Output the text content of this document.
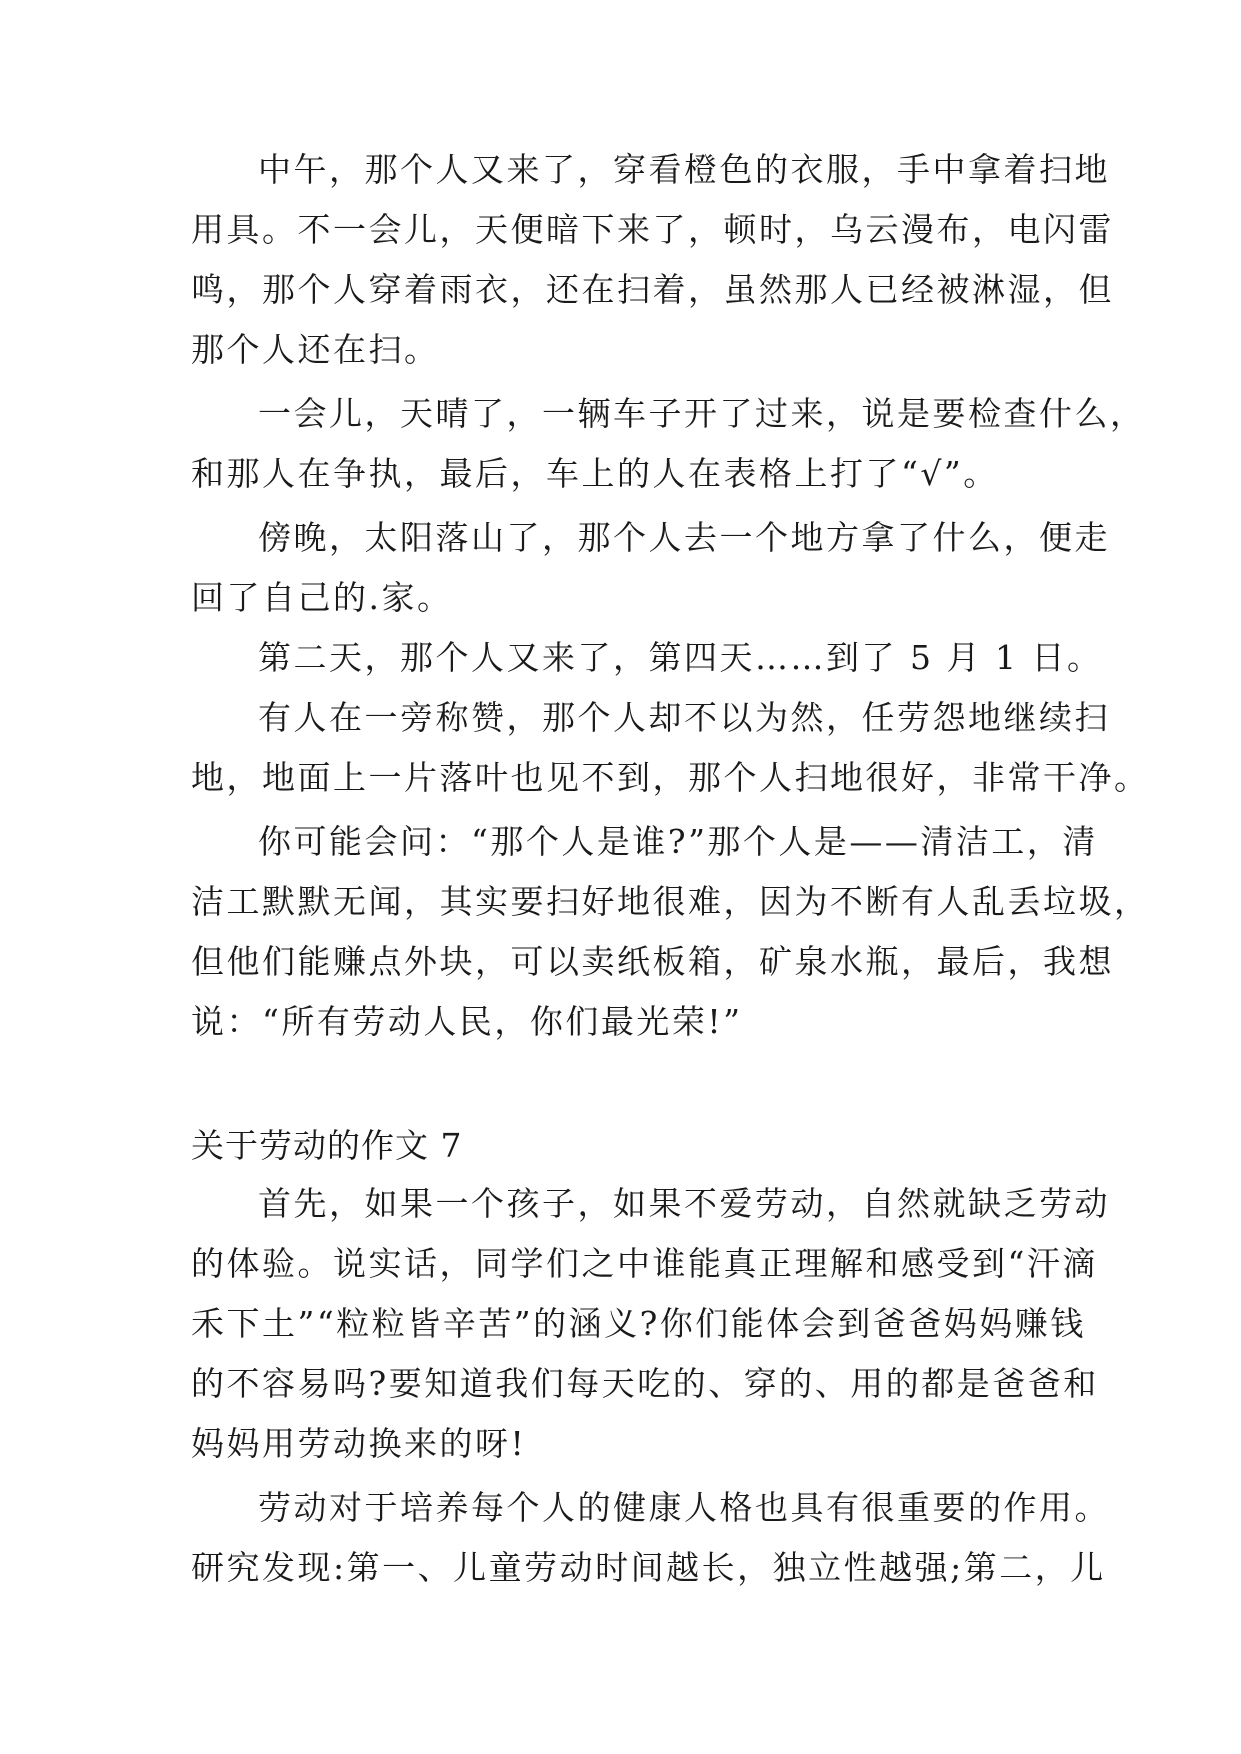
中午，那个人又来了，穿看橙色的衣服，手中拿着扫地
用具。不一会儿，天便暗下来了，顿时，乌云漫布，电闪雷
鸣，那个人穿着雨衣，还在扫着，虽然那人已经被淋湿，但
那个人还在扫。
一会儿，天晴了，一辆车子开了过来，说是要检查什么，
和那人在争执，最后，车上的人在表格上打了“√”。
傍晚，太阳落山了，那个人去一个地方拿了什么，便走
回了自己的.家。
第二天，那个人又来了，第四天……到了 5 月 1 日。
有人在一旁称赞，那个人却不以为然，任劳怨地继续扫
地，地面上一片落叶也见不到，那个人扫地很好，非常干净。
你可能会问：“那个人是谁?”那个人是——清洁工，清
洁工默默无闻，其实要扫好地很难，因为不断有人乱丢垃圾，
但他们能赚点外块，可以卖纸板箱，矿泉水瓶，最后，我想
说：“所有劳动人民，你们最光荣!”
关于劳动的作文 7
首先，如果一个孩子，如果不爱劳动，自然就缺乏劳动
的体验。说实话，同学们之中谁能真正理解和感受到“汗滴
禾下土”“粒粒皆辛苦”的涵义?你们能体会到爸爸妈妈赚钱
的不容易吗?要知道我们每天吃的、穿的、用的都是爸爸和
妈妈用劳动换来的呀!
劳动对于培养每个人的健康人格也具有很重要的作用。
研究发现:第一、儿童劳动时间越长，独立性越强;第二，儿
